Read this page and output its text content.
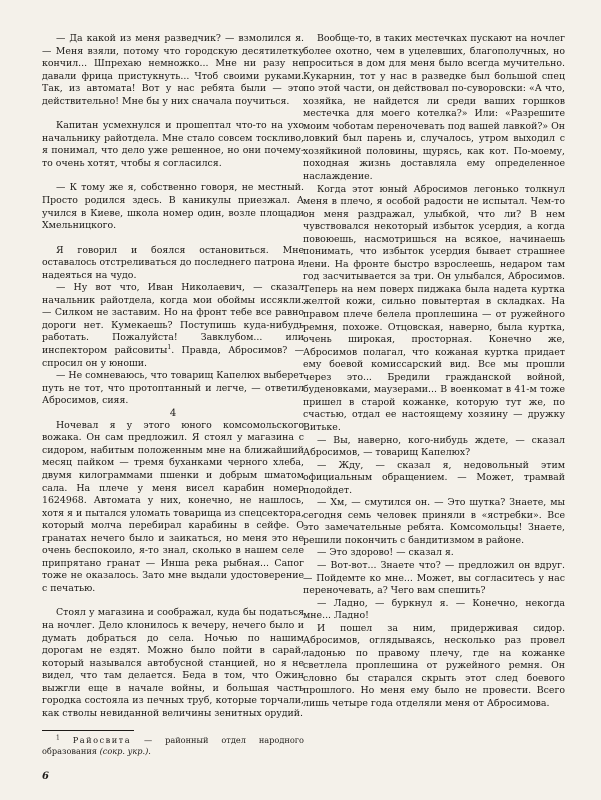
— Да какой из меня разведчик? — взмолился я. — Меня взяли, потому что городскую десятилетку кончил... Шпрехаю немножко... Мне ни разу не давали фрица пристукнуть... Чтоб своими руками. Так, из автомата! Вот у нас ребята были — это действительно! Мне бы у них сначала поучиться.

Капитан усмехнулся и прошептал что-то на ухо начальнику райотдела. Мне стало совсем тоскливо, я понимал, что дело уже решенное, но они почему-то очень хотят, чтобы я согласился.

— К тому же я, собственно говоря, не местный. Просто родился здесь. В каникулы приезжал. А учился в Киеве, школа номер один, возле площади Хмельницкого.

Я говорил и боялся остановиться. Мне оставалось отстреливаться до последнего патрона и надеяться на чудо.

— Ну вот что, Иван Николаевич, — сказал начальник райотдела, когда мои обоймы иссякли. — Силком не заставим. Но на фронт тебе все равно дороги нет. Кумекаешь? Поступишь куда-нибудь работать. Пожалуйста! Завклубом... или инспектором райсовиты$^1$. Правда, Абросимов? — спросил он у юноши.

— Не сомневаюсь, что товарищ Капелюх выберет путь не тот, что протоптанный и легче, — ответил Абросимов, сияя.

4

Ночевал я у этого юного комсомольского вожака. Он сам предложил. Я стоял у магазина с сидором, набитым положенным мне на ближайший месяц пайком — тремя буханками черного хлеба, двумя килограммами пшенки и добрым шматом сала. На плече у меня висел карабин номер 1624968. Автомата у них, конечно, не нашлось, хотя я и пытался уломать товарища из спецсектора, который молча перебирал карабины в сейфе. О гранатах нечего было и заикаться, но меня это не очень беспокоило, я-то знал, сколько в нашем селе припрятано гранат — Инша река рыбная... Сапог тоже не оказалось. Зато мне выдали удостоверение с печатью.

Стоял у магазина и соображал, куда бы податься на ночлег. Дело клонилось к вечеру, нечего было и думать добраться до села. Ночью по нашим дорогам не ездят. Можно было пойти в сарай, который назывался автобусной станцией, но я не видел, что там делается. Беда в том, что Ожин выжгли еще в начале войны, и большая часть городка состояла из печных труб, которые торчали, как стволы невиданной величины зенитных орудий.

$^1$ Райосвита — районный отдел народного образования (сокр. укр.).

Вообще-то, в таких местечках пускают на ночлег более охотно, чем в уцелевших, благополучных, но проситься в дом для меня было всегда мучительно. Кукарнин, тот у нас в разведке был большой спец по этой части, он действовал по-суворовски: «А что, хозяйка, не найдется ли среди ваших горшков местечка для моего котелка?» Или: «Разрешите моим чоботам переночевать под вашей лавкой?» Он ловкий был парень и, случалось, утром выходил с хозяйкиной половины, щурясь, как кот. По-моему, походная жизнь доставляла ему определенное наслаждение.

Когда этот юный Абросимов легонько толкнул меня в плечо, я особой радости не испытал. Чем-то он меня раздражал, улыбкой, что ли? В нем чувствовался некоторый избыток усердия, а когда повоюешь, насмотришься на всякое, начинаешь понимать, что избыток усердия бывает страшнее лени. На фронте быстро взрослеешь, недаром там год засчитывается за три. Он улыбался, Абросимов. Теперь на нем поверх пиджака была надета куртка желтой кожи, сильно повытертая в складках. На правом плече белела проплешина — от ружейного ремня, похоже. Отцовская, наверно, была куртка, очень широкая, просторная. Конечно же, Абросимов полагал, что кожаная куртка придает ему боевой комиссарский вид. Все мы прошли через это... Бредили гражданской войной, буденовками, маузерами... В военкомат в 41-м тоже пришел в старой кожанке, которую тут же, по счастью, отдал ее настоящему хозяину — дружку Витьке.

— Вы, наверно, кого-нибудь ждете, — сказал Абросимов, — товарищ Капелюх?

— Жду, — сказал я, недовольный этим официальным обращением. — Может, трамвай подойдет.

— Хм, — смутился он. — Это шутка? Знаете, мы сегодня семь человек приняли в «ястребки». Все это замечательные ребята. Комсомольцы! Знаете, решили покончить с бандитизмом в районе.

— Это здорово! — сказал я.

— Вот-вот... Знаете что? — предложил он вдруг. — Пойдемте ко мне... Может, вы согласитесь у нас переночевать, а? Чего вам спешить?

— Ладно, — буркнул я. — Конечно, некогда мне... Ладно!

И пошел за ним, придерживая сидор. Абросимов, оглядываясь, несколько раз провел ладонью по правому плечу, где на кожанке светлела проплешина от ружейного ремня. Он словно бы старался скрыть этот след боевого прошлого. Но меня ему было не провести. Всего лишь четыре года отделяли меня от Абросимова.

6
